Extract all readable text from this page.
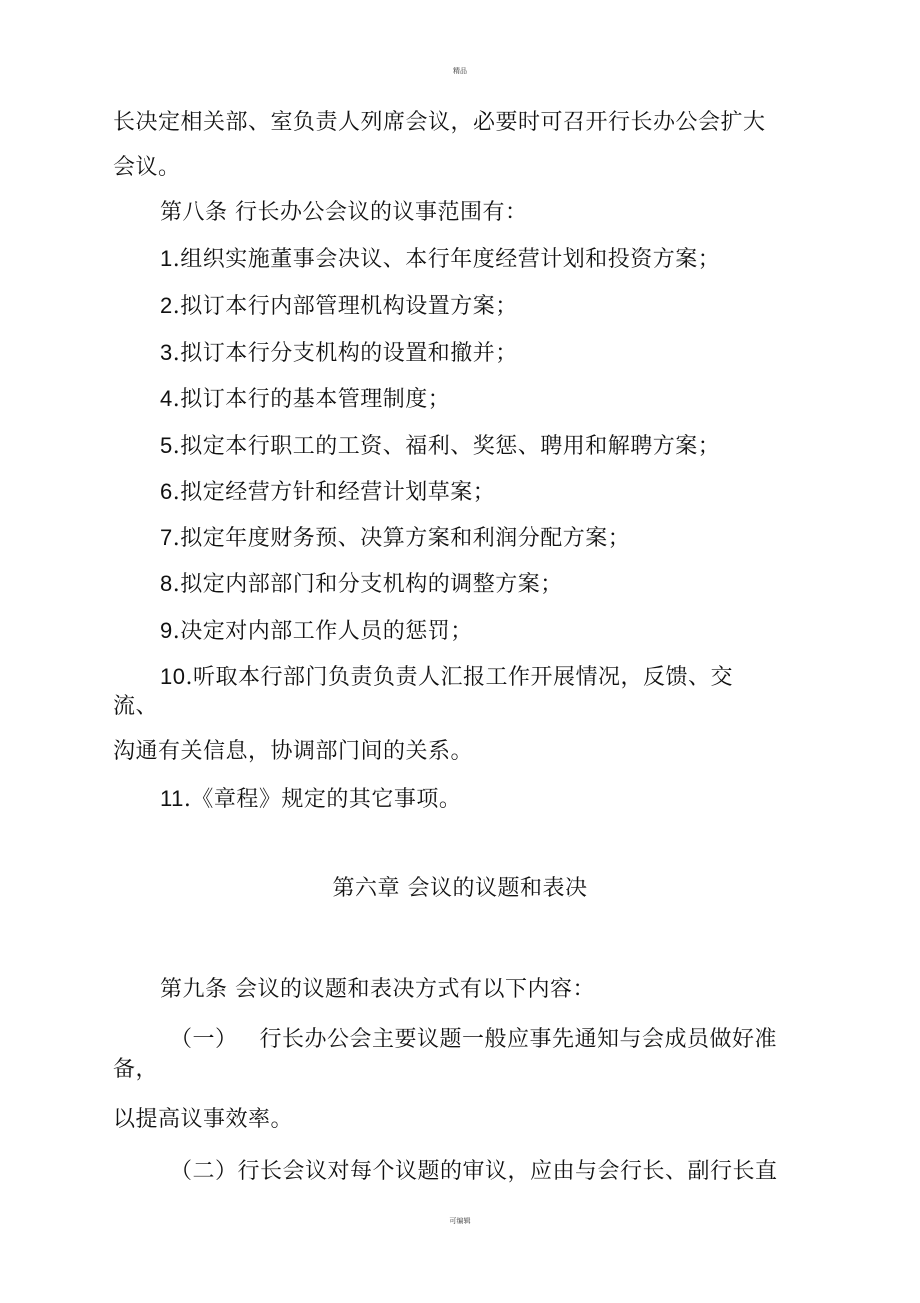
精品
长决定相关部、室负责人列席会议，必要时可召开行长办公会扩大
会议。
第八条 行长办公会议的议事范围有：
1.组织实施董事会决议、本行年度经营计划和投资方案；
2.拟订本行内部管理机构设置方案；
3.拟订本行分支机构的设置和撤并；
4.拟订本行的基本管理制度；
5.拟定本行职工的工资、福利、奖惩、聘用和解聘方案；
6.拟定经营方针和经营计划草案；
7.拟定年度财务预、决算方案和利润分配方案；
8.拟定内部部门和分支机构的调整方案；
9.决定对内部工作人员的惩罚；
10.听取本行部门负责负责人汇报工作开展情况，反馈、交
流、
沟通有关信息，协调部门间的关系。
11.《章程》规定的其它事项。
第六章 会议的议题和表决
第九条 会议的议题和表决方式有以下内容：
（一） 行长办公会主要议题一般应事先通知与会成员做好准
备，
以提高议事效率。
（二）行长会议对每个议题的审议，应由与会行长、副行长直
可编辑
